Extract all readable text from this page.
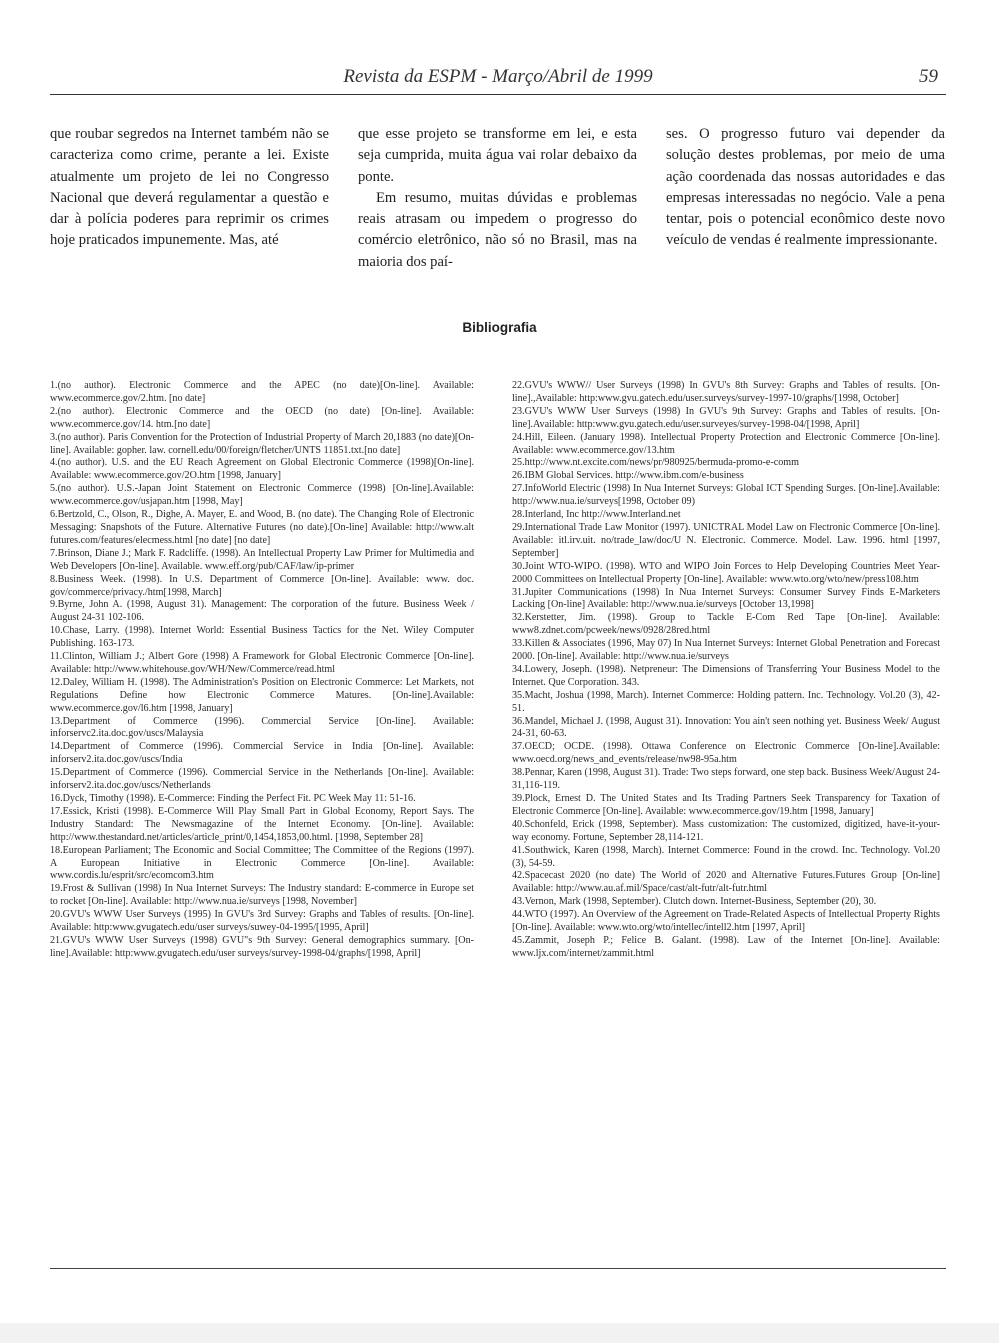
Revista da ESPM - Março/Abril de 1999	59

que roubar segredos na Internet também não se caracteriza como crime, perante a lei. Existe atualmente um projeto de lei no Congresso Nacional que deverá regulamentar a questão e dar à polícia poderes para reprimir os crimes hoje praticados impunemente. Mas, até

que esse projeto se transforme em lei, e esta seja cumprida, muita água vai rolar debaixo da ponte.

Em resumo, muitas dúvidas e problemas reais atrasam ou impedem o progresso do comércio eletrônico, não só no Brasil, mas na maioria dos paí-

ses. O progresso futuro vai depender da solução destes problemas, por meio de uma ação coordenada das nossas autoridades e das empresas interessadas no negócio. Vale a pena tentar, pois o potencial econômico deste novo veículo de vendas é realmente impressionante.

Bibliografia
1.(no author). Electronic Commerce and the APEC (no date)[On-line]. Available: www.ecommerce.gov/2.htm. [no date]
2.(no author). Electronic Commerce and the OECD (no date) [On-line]. Available: www.ecommerce.gov/14. htm.[no date]
3.(no author). Paris Convention for the Protection of Industrial Property of March 20,1883 (no date)[On-line]. Available: gopher. law. cornell.edu/00/foreign/fletcher/UNTS 11851.txt.[no date]
4.(no author). U.S. and the EU Reach Agreement on Global Electronic Commerce (1998)[On-line]. Available: www.ecommerce.gov/2O.htm [1998, January]
5.(no author). U.S.-Japan Joint Statement on Electronic Commerce (1998) [On-line].Available: www.ecommerce.gov/usjapan.htm [1998, May]
6.Bertzold, C., Olson, R., Dighe, A. Mayer, E. and Wood, B. (no date). The Changing Role of Electronic Messaging: Snapshots of the Future. Alternative Futures (no date).[On-line] Available: http://www.alt futures.com/features/elecmess.html [no date] [no date]
7.Brinson, Diane J.; Mark F. Radcliffe. (1998). An Intellectual Property Law Primer for Multimedia and Web Developers [On-line]. Available. www.eff.org/pub/CAF/law/ip-primer
8.Business Week. (1998). In U.S. Department of Commerce [On-line]. Available: www. doc. gov/commerce/privacy./htm[1998, March]
9.Byrne, John A. (1998, August 31). Management: The corporation of the future. Business Week / August 24-31 102-106.
10.Chase, Larry. (1998). Internet World: Essential Business Tactics for the Net. Wiley Computer Publishing. 163-173.
11.Clinton, William J.; Albert Gore (1998) A Framework for Global Electronic Commerce [On-line]. Available: http://www.whitehouse.gov/WH/New/Commerce/read.html
12.Daley, William H. (1998). The Administration's Position on Electronic Commerce: Let Markets, not Regulations Define how Electronic Commerce Matures. [On-line].Available: www.ecommerce.gov/l6.htm [1998, January]
13.Department of Commerce (1996). Commercial Service [On-line]. Available: inforservc2.ita.doc.gov/uscs/Malaysia
14.Department of Commerce (1996). Commercial Service in India [On-line]. Available: inforserv2.ita.doc.gov/uscs/India
15.Department of Commerce (1996). Commercial Service in the Netherlands [On-line]. Available: inforserv2.ita.doc.gov/uscs/Netherlands
16.Dyck, Timothy (1998). E-Commerce: Finding the Perfect Fit. PC Week May 11: 51-16.
17.Essick, Kristi (1998). E-Commerce Will Play Small Part in Global Economy, Report Says. The Industry Standard: The Newsmagazine of the Internet Economy. [On-line]. Available: http://www.thestandard.net/articles/article_print/0,1454,1853,00.html. [1998, September 28]
18.European Parliament; The Economic and Social Committee; The Committee of the Regions (1997). A European Initiative in Electronic Commerce [On-line]. Available: www.cordis.lu/esprit/src/ecomcom3.htm
19.Frost & Sullivan (1998) In Nua Internet Surveys: The Industry standard: E-commerce in Europe set to rocket [On-line]. Available: http://www.nua.ie/surveys [1998, November]
20.GVU's WWW User Surveys (1995) In GVU's 3rd Survey: Graphs and Tables of results. [On-line]. Available: http:www.gvugatech.edu/user surveys/suwey-04-1995/[1995, April]
21.GVU's WWW User Surveys (1998) GVU"s 9th Survey: General demographics summary. [On-line].Available: http:www.gvugatech.edu/user surveys/survey-1998-04/graphs/[1998, April]
22.GVU's WWW// User Surveys (1998) In GVU's 8th Survey: Graphs and Tables of results. [On-line].,Available: http:www.gvu.gatech.edu/user.surveys/survey-1997-10/graphs/[1998, October]
23.GVU's WWW User Surveys (1998) In GVU's 9th Survey: Graphs and Tables of results. [On-line].Available: http:www.gvu.gatech.edu/user.surveyes/survey-1998-04/[1998, April]
24.Hill, Eileen. (January 1998). Intellectual Property Protection and Electronic Commerce [On-line]. Available: www.ecommerce.gov/13.htm
25.http://www.nt.excite.com/news/pr/980925/bermuda-promo-e-comm
26.IBM Global Services. http://www.ibm.com/e-business
27.InfoWorld Electric (1998) In Nua Internet Surveys: Global ICT Spending Surges. [On-line].Available: http://www.nua.ie/surveys[1998, October 09)
28.Interland, Inc http://www.Interland.net
29.International Trade Law Monitor (1997). UNICTRAL Model Law on Flectronic Commerce [On-line]. Available: itl.irv.uit. no/trade_law/doc/U N. Electronic. Commerce. Model. Law. 1996. html [1997, September]
30.Joint WTO-WIPO. (1998). WTO and WIPO Join Forces to Help Developing Countries Meet Year-2000 Committees on Intellectual Property [On-line]. Available: www.wto.org/wto/new/press108.htm
31.Jupiter Communications (1998) In Nua Internet Surveys: Consumer Survey Finds E-Marketers Lacking [On-line] Available: http://www.nua.ie/surveys [October 13,1998]
32.Kerstetter, Jim. (1998). Group to Tackle E-Com Red Tape [On-line]. Available: www8.zdnet.com/pcweek/news/0928/28red.html
33.Killen & Associates (1996, May 07) In Nua Internet Surveys: Internet Global Penetration and Forecast 2000. [On-line]. Available: http://www.nua.ie/surveys
34.Lowery, Joseph. (1998). Netpreneur: The Dimensions of Transferring Your Business Model to the Internet. Que Corporation. 343.
35.Macht, Joshua (1998, March). Internet Commerce: Holding pattern. Inc. Technology. Vol.20 (3), 42-51.
36.Mandel, Michael J. (1998, August 31). Innovation: You ain't seen nothing yet. Business Week/ August 24-31, 60-63.
37.OECD; OCDE. (1998). Ottawa Conference on Electronic Commerce [On-line].Available: www.oecd.org/news_and_events/release/nw98-95a.htm
38.Pennar, Karen (1998, August 31). Trade: Two steps forward, one step back. Business Week/August 24-31,116-119.
39.Plock, Ernest D. The United States and Its Trading Partners Seek Transparency for Taxation of Electronic Commerce [On-line]. Available: www.ecommerce.gov/19.htm [1998, January]
40.Schonfeld, Erick (1998, September). Mass customization: The customized, digitized, have-it-your-way economy. Fortune, September 28,114-121.
41.Southwick, Karen (1998, March). Internet Commerce: Found in the crowd. Inc. Technology. Vol.20 (3), 54-59.
42.Spacecast 2020 (no date) The World of 2020 and Alternative Futures.Futures Group [On-line] Available: http://www.au.af.mil/Space/cast/alt-futr/alt-futr.html
43.Vernon, Mark (1998, September). Clutch down. Internet-Business, September (20), 30.
44.WTO (1997). An Overview of the Agreement on Trade-Related Aspects of Intellectual Property Rights [On-line]. Available: www.wto.org/wto/intellec/intell2.htm [1997, April]
45.Zammit, Joseph P.; Felice B. Galant. (1998). Law of the Internet [On-line]. Available: www.ljx.com/internet/zammit.html
